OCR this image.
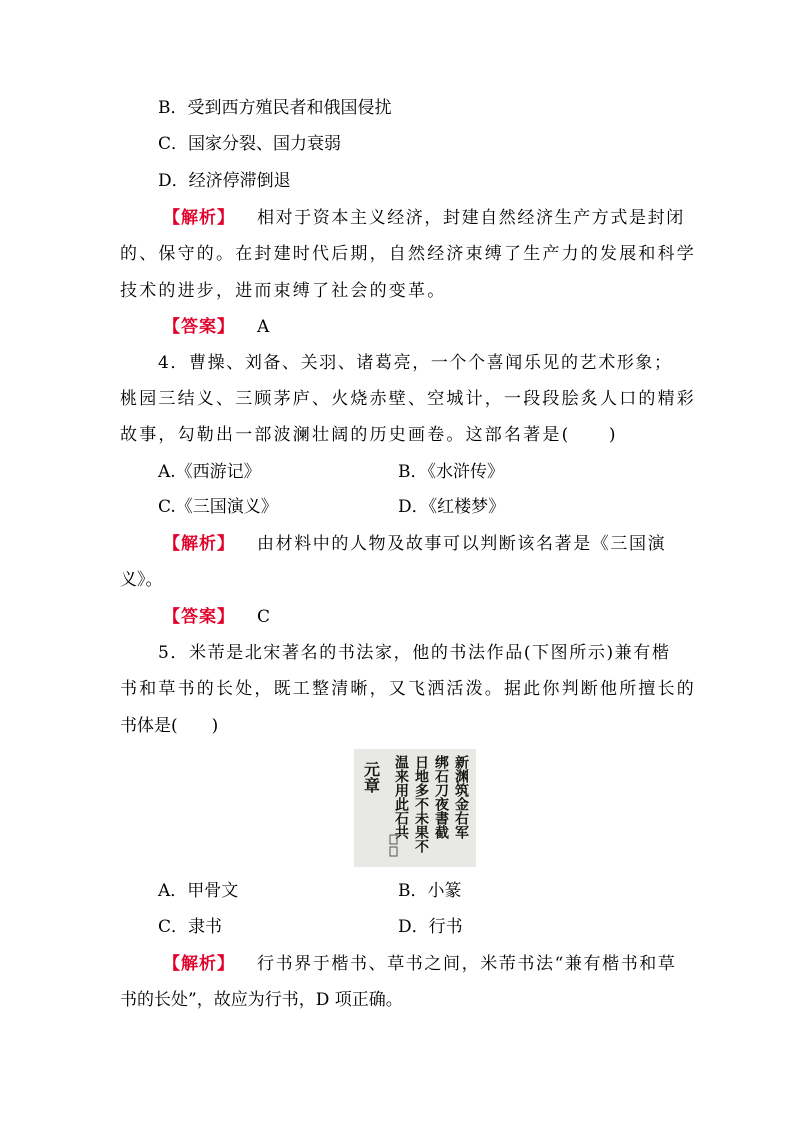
B．受到西方殖民者和俄国侵扰
C．国家分裂、国力衰弱
D．经济停滞倒退
【解析】 相对于资本主义经济，封建自然经济生产方式是封闭
的、保守的。在封建时代后期，自然经济束缚了生产力的发展和科学
技术的进步，进而束缚了社会的变革。
【答案】 A
4．曹操、刘备、关羽、诸葛亮，一个个喜闻乐见的艺术形象；
桃园三结义、三顾茅庐、火烧赤壁、空城计，一段段脍炙人口的精彩
故事，勾勒出一部波澜壮阔的历史画卷。这部名著是(　　)
A.《西游记》	B．《水浒传》
C.《三国演义》	D．《红楼梦》
【解析】 由材料中的人物及故事可以判断该名著是《三国演
义》。
【答案】 C
5．米芾是北宋著名的书法家，他的书法作品(下图所示)兼有楷
书和草书的长处，既工整清晰，又飞洒活泼。据此你判断他所擅长的
书体是(　　)
新渊筑金右军
绑石刀夜書截
日地多不未果不
温来用此石共
元章
A．甲骨文	B．小篆
C．隶书	D．行书
【解析】 行书界于楷书、草书之间，米芾书法“兼有楷书和草
书的长处”，故应为行书，D 项正确。
